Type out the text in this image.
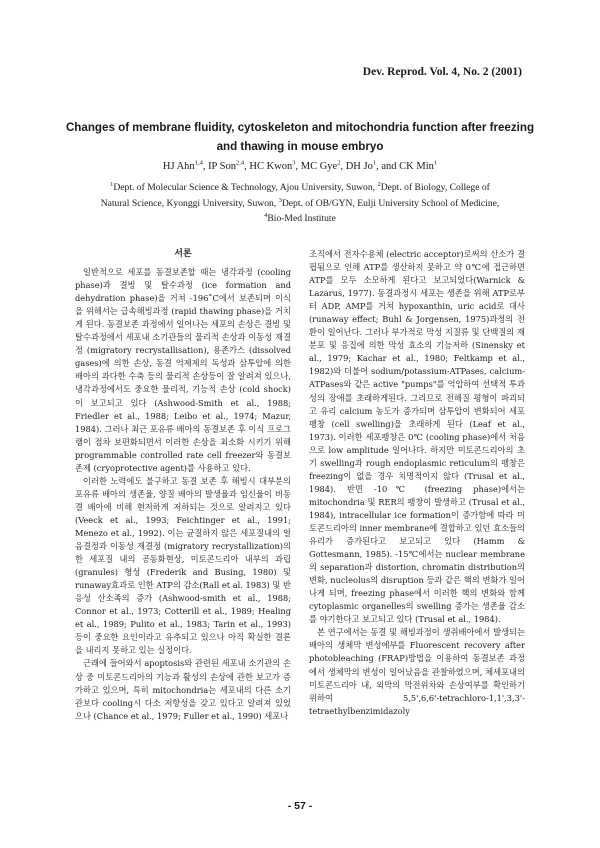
Dev. Reprod. Vol. 4, No. 2 (2001)
Changes of membrane fluidity, cytoskeleton and mitochondria function after freezing
and thawing in mouse embryo
HJ Ahn$^{1,4}$, IP Son$^{2,4}$, HC Kwon$^3$, MC Gye$^2$, DH Jo$^1$, and CK Min$^1$
$^1$Dept. of Molecular Science & Technology, Ajou University, Suwon, $^2$Dept. of Biology, College of
Natural Science, Kyonggi University, Suwon, $^3$Dept. of OB/GYN, Eulji University School of Medicine,
$^4$Bio-Med Institute
서론

일반적으로 세포를 동결보존할 때는 냉각과정 (cooling phase)과 결빙 및 탈수과정 (ice formation and dehydration phase)을 거쳐 -196˚C에서 보존되며 이식을 위해서는 급속해빙과정 (rapid thawing phase)을 거치게 된다. 동결보존 과정에서 일어나는 세포의 손상은 결빙 및 탈수과정에서 세포내 소기관들의 물리적 손상과 이동성 재결정 (migratory recrystallisation), 용존가스 (dissolved gases)에 의한 손상, 동결 억제제의 독성과 삼투압에 의한 배아의 과다한 수축 등의 물리적 손상등이 잘 알려져 있으나, 냉각과정에서도 중요한 물리적, 기능적 손상 (cold shock)이 보고되고 있다 (Ashwood-Smith et al., 1988; Friedler et al., 1988; Leibo et al., 1974; Mazur, 1984). 그러나 최근 포유류 배아의 동결보존 후 이식 프로그램이 점차 보편화되면서 이러한 손상을 최소화 시키기 위해 programmable controlled rate cell freezer와 동결보존제 (cryoprotective agent)를 사용하고 있다.

이러한 노력에도 불구하고 동결 보존 후 해빙시 대부분의 포유류 배아의 생존율, 양질 배아의 발생율과 임신율이 비동결 배아에 비해 현저하게 저하되는 것으로 알려지고 있다 (Veeck et al., 1993; Feichtinger et al., 1991; Menezo et al., 1992). 이는 균질하지 않은 세포질내의 얼음결정과 이동성 재결정 (migratory recrystallization)의한 세포질 내의 공동화현상, 미토콘드리아 내부의 과립 (granules) 형성 (Frederik and Busing, 1980) 및 runaway효과로 인한 ATP의 감소(Rall et al. 1983) 및 반응성 산소족의 증가 (Ashwood-smith et al., 1988; Connor et al., 1973; Cotterill et al., 1989; Healing et al., 1989; Pulito et al., 1983; Tarin et al., 1993) 등이 중요한 요인이라고 유추되고 있으나 아직 확실한 결론을 내리지 못하고 있는 실정이다.

근래에 들어와서 apoptosis와 관련된 세포내 소기관의 손상 중 미토콘드리아의 기능과 활성의 손상에 관한 보고가 증가하고 있으며, 특히 mitochondria는 세포내의 다른 소기관보다 cooling시 다소 저항성을 갖고 있다고 알려져 있었으나 (Chance et al., 1979; Fuller et al., 1990) 세포나

조직에서 전자수용체 (electric acceptor)로써의 산소가 결핍됨으로 인해 ATP를 생산하지 못하고 약 0℃에 접근하면 ATP를 모두 소모하게 된다고 보고되었다(Warnick & Lazarus, 1977). 동결과정시 세포는 생존을 위해 ATP로부터 ADP, AMP를 거쳐 hypoxanthin, uric acid로 대사 (runaway effect; Buhl & Jorgensen, 1975)과정의 전환이 일어난다. 그러나 부가적로 막성 지질류 및 단백질의 재분포 및 응집에 의한 막성 효소의 기능저하 (Sinensky et al., 1979; Kachar et al., 1980; Feltkamp et al., 1982)와 더불어 sodium/potassium-ATPases, calcium-ATPases와 같은 active "pumps"를 억압하여 선택적 투과성의 장애를 초래하게된다. 그리므로 전해질 평형이 파괴되고 유리 calcium 농도가 증가되며 삼투압이 변화되어 세포 팽창 (cell swelling)을 초래하게 된다 (Leaf et al., 1973). 이러한 세포팽창은 0℃ (cooling phase)에서 처음으로 low amplitude 일어나다. 하지만 미토콘드리아의 초기 swelling과 rough endoplasmic reticulum의 팽창은 freezing이 없을 경우 치명적이지 않다 (Trusal et al., 1984). 반면 -10℃ (freezing phase)에서는 mitochondria 및 RER의 팽창이 발생하고 (Trusal et al., 1984), intracellular ice formation이 증가함에 따라 미토콘드리아의 inner membrane에 결합하고 있던 효소들의 유리가 증가된다고 보고되고 있다 (Hamm & Gottesmann, 1985). -15℃에서는 nuclear membrane의 separation과 distortion, chromatin distribution의 변화, nucleolus의 disruption 등과 같은 핵의 변화가 일어나게 되며, freezing phase에서 이러한 핵의 변화와 함께 cytoplasmic organelles의 swelling 증가는 생존율 감소를 야기한다고 보고되고 있다 (Trusal et al., 1984).

본 연구에서는 동결 및 해빙과정이 생쥐배아에서 발생되는 배아의 생체막 변성에부를 Fluorescent recovery after photobleaching (FRAP)방법을 이용하여 동결보존 과정에서 생체막의 변성이 일어났음을 관찰하였으며, 체세포내의 미토콘드리아 내, 외막의 막전위차와 손상여부를 확인하기 위하여 5,5',6,6'-tetrachloro-1,1',3,3'-tetraethylbenzimidazoly

- 57 -
